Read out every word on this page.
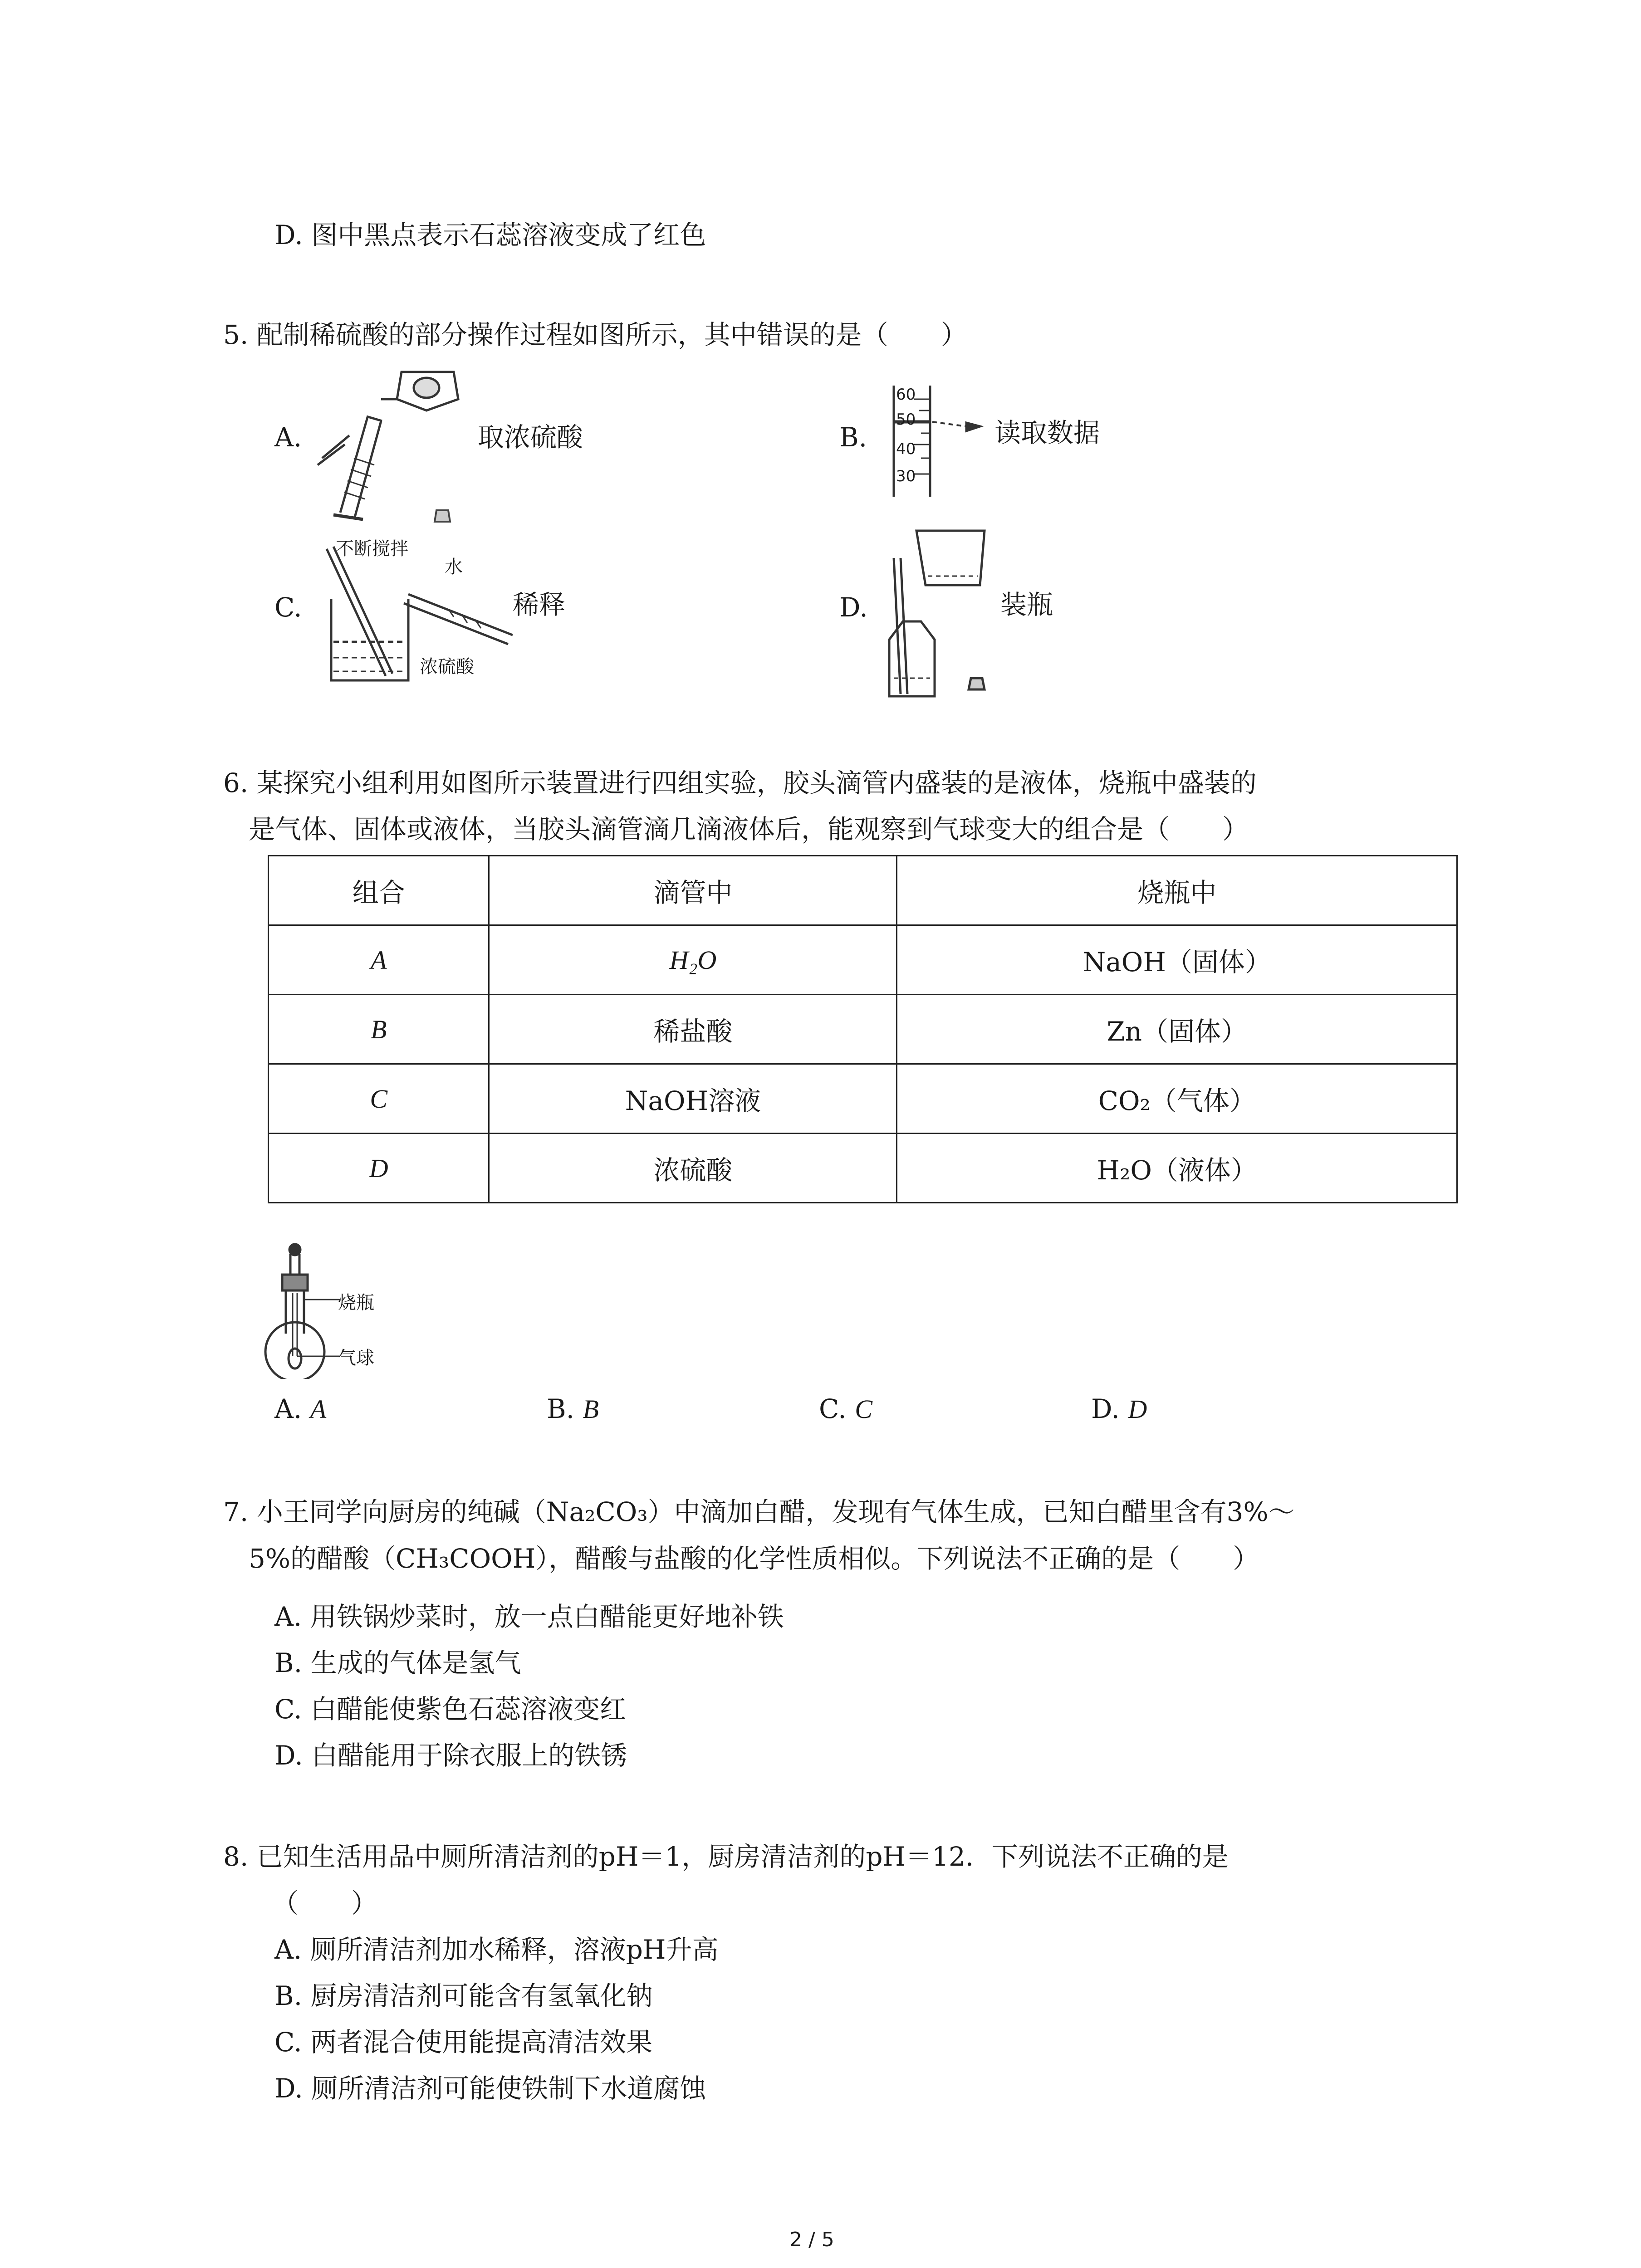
D. 图中黑点表示石蕊溶液变成了红色
5. 配制稀硫酸的部分操作过程如图所示，其中错误的是（　　）
A.	取浓硫酸	B.
60
50
40
30
读取数据
C.
不断搅拌
水
浓硫酸
稀释	D.	装瓶
6. 某探究小组利用如图所示装置进行四组实验，胶头滴管内盛装的是液体，烧瓶中盛装的
是气体、固体或液体，当胶头滴管滴几滴液体后，能观察到气球变大的组合是（　　）
组合	滴管中	烧瓶中
A	H₂O	NaOH（固体）
B	稀盐酸	Zn（固体）
C	NaOH溶液	CO₂（气体）
D	浓硫酸	H₂O（液体）
烧瓶
气球
A. A	B. B	C. C	D. D
7. 小王同学向厨房的纯碱（Na₂CO₃）中滴加白醋，发现有气体生成，已知白醋里含有3%～
5%的醋酸（CH₃COOH），醋酸与盐酸的化学性质相似。下列说法不正确的是（　　）
A. 用铁锅炒菜时，放一点白醋能更好地补铁
B. 生成的气体是氢气
C. 白醋能使紫色石蕊溶液变红
D. 白醋能用于除衣服上的铁锈
8. 已知生活用品中厕所清洁剂的pH＝1，厨房清洁剂的pH＝12．下列说法不正确的是
（　　）
A. 厕所清洁剂加水稀释，溶液pH升高
B. 厨房清洁剂可能含有氢氧化钠
C. 两者混合使用能提高清洁效果
D. 厕所清洁剂可能使铁制下水道腐蚀
2 / 5
